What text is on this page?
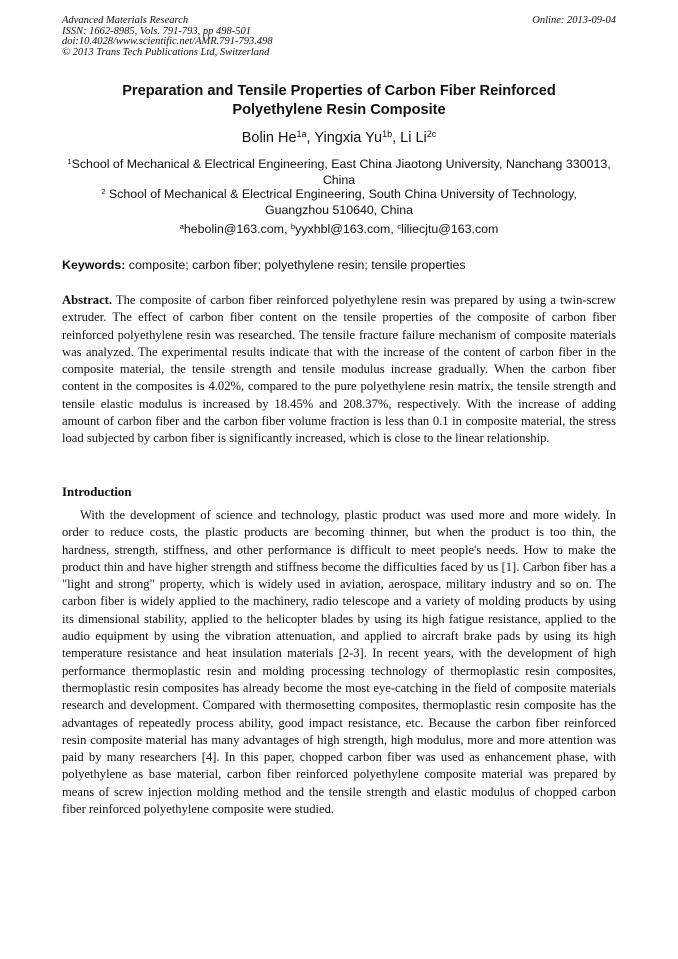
Advanced Materials Research
ISSN: 1662-8985, Vols. 791-793, pp 498-501
doi:10.4028/www.scientific.net/AMR.791-793.498
© 2013 Trans Tech Publications Ltd, Switzerland
Online: 2013-09-04
Preparation and Tensile Properties of Carbon Fiber Reinforced
Polyethylene Resin Composite
Bolin $He^{1a}$, Yingxia $Yu^{1b}$, Li $Li^{2c}$
$^1$School of Mechanical & Electrical Engineering, East China Jiaotong University, Nanchang 330013,
China
$^2$ School of Mechanical & Electrical Engineering, South China University of Technology,
Guangzhou 510640, China
$^a$hebolin@163.com, $^b$yyxhbl@163.com, $^c$liliecjtu@163.com
Keywords: composite; carbon fiber; polyethylene resin; tensile properties
Abstract. The composite of carbon fiber reinforced polyethylene resin was prepared by using a twin-screw extruder. The effect of carbon fiber content on the tensile properties of the composite of carbon fiber reinforced polyethylene resin was researched. The tensile fracture failure mechanism of composite materials was analyzed. The experimental results indicate that with the increase of the content of carbon fiber in the composite material, the tensile strength and tensile modulus increase gradually. When the carbon fiber content in the composites is 4.02%, compared to the pure polyethylene resin matrix, the tensile strength and tensile elastic modulus is increased by 18.45% and 208.37%, respectively. With the increase of adding amount of carbon fiber and the carbon fiber volume fraction is less than 0.1 in composite material, the stress load subjected by carbon fiber is significantly increased, which is close to the linear relationship.
Introduction
With the development of science and technology, plastic product was used more and more widely. In order to reduce costs, the plastic products are becoming thinner, but when the product is too thin, the hardness, strength, stiffness, and other performance is difficult to meet people's needs. How to make the product thin and have higher strength and stiffness become the difficulties faced by us [1]. Carbon fiber has a "light and strong" property, which is widely used in aviation, aerospace, military industry and so on. The carbon fiber is widely applied to the machinery, radio telescope and a variety of molding products by using its dimensional stability, applied to the helicopter blades by using its high fatigue resistance, applied to the audio equipment by using the vibration attenuation, and applied to aircraft brake pads by using its high temperature resistance and heat insulation materials [2-3]. In recent years, with the development of high performance thermoplastic resin and molding processing technology of thermoplastic resin composites, thermoplastic resin composites has already become the most eye-catching in the field of composite materials research and development. Compared with thermosetting composites, thermoplastic resin composite has the advantages of repeatedly process ability, good impact resistance, etc. Because the carbon fiber reinforced resin composite material has many advantages of high strength, high modulus, more and more attention was paid by many researchers [4]. In this paper, chopped carbon fiber was used as enhancement phase, with polyethylene as base material, carbon fiber reinforced polyethylene composite material was prepared by means of screw injection molding method and the tensile strength and elastic modulus of chopped carbon fiber reinforced polyethylene composite were studied.
